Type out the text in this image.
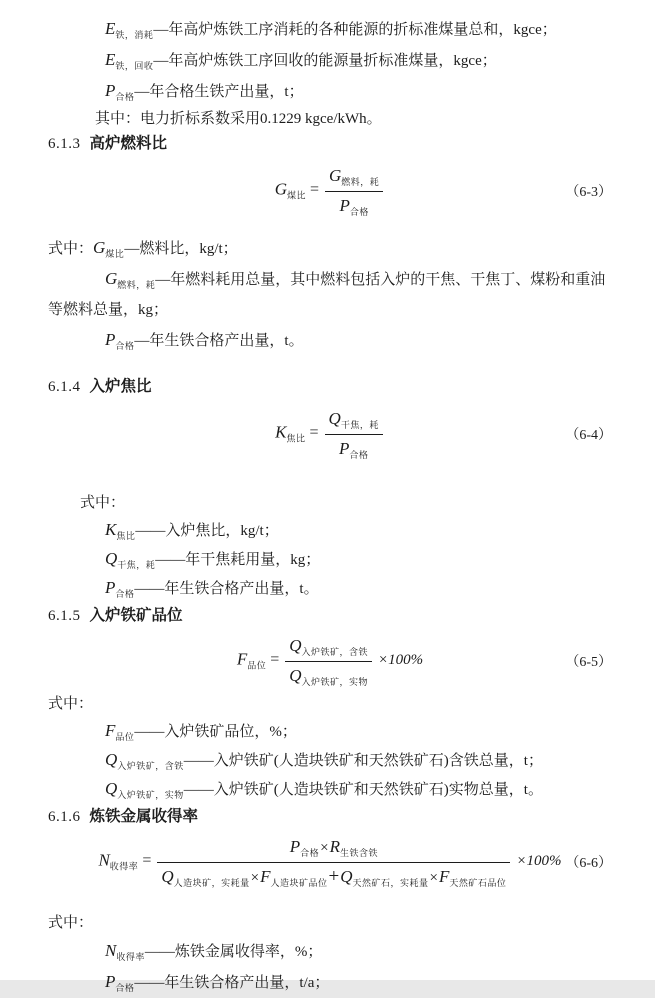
$E_{铁,消耗}—$年高炉炼铁工序消耗的各种能源的折标准煤量总和，kgce；

$E_{铁,回收}—$年高炉炼铁工序回收的能源量折标准煤量，kgce；

$P_{合格}—$年合格生铁产出量，t；

其中：电力折标系数采用0.1229 kgce/kWh。

6.1.3 高炉燃料比

$G_{煤比} = \frac{G_{燃料,耗}}{P_{合格}}$	（6-3）

式中：$G_{煤比}—$燃料比，kg/t；

$G_{燃料,耗}—$年燃料耗用总量，其中燃料包括入炉的干焦、干焦丁、煤粉和重油等燃料总量，kg；

$P_{合格}—$年生铁合格产出量，t。

6.1.4 入炉焦比

$K_{焦比} = \frac{Q_{干焦,耗}}{P_{合格}}$	（6-4）

式中：

$K_{焦比}——$入炉焦比，kg/t；

$Q_{干焦,耗}——$年干焦耗用量，kg；

$P_{合格}——$年生铁合格产出量，t。

6.1.5 入炉铁矿品位

$F_{品位} = \frac{Q_{入炉铁矿,含铁}}{Q_{入炉铁矿,实物}} \times 100\%$	（6-5）

式中：

$F_{品位}——$入炉铁矿品位，%；

$Q_{入炉铁矿,含铁}——$入炉铁矿(人造块铁矿和天然铁矿石)含铁总量，t；

$Q_{入炉铁矿,实物}——$入炉铁矿(人造块铁矿和天然铁矿石)实物总量，t。

6.1.6 炼铁金属收得率

$N_{收得率} = \frac{P_{合格}\times R_{生铁含铁}}{Q_{人造块矿,实耗量}\times F_{人造块矿品位}+Q_{天然矿石,实耗量}\times F_{天然矿石品位}} \times 100\%$ （6-6）

式中：

$N_{收得率}——$炼铁金属收得率，%；

$P_{合格}——$年生铁合格产出量，t/a；
